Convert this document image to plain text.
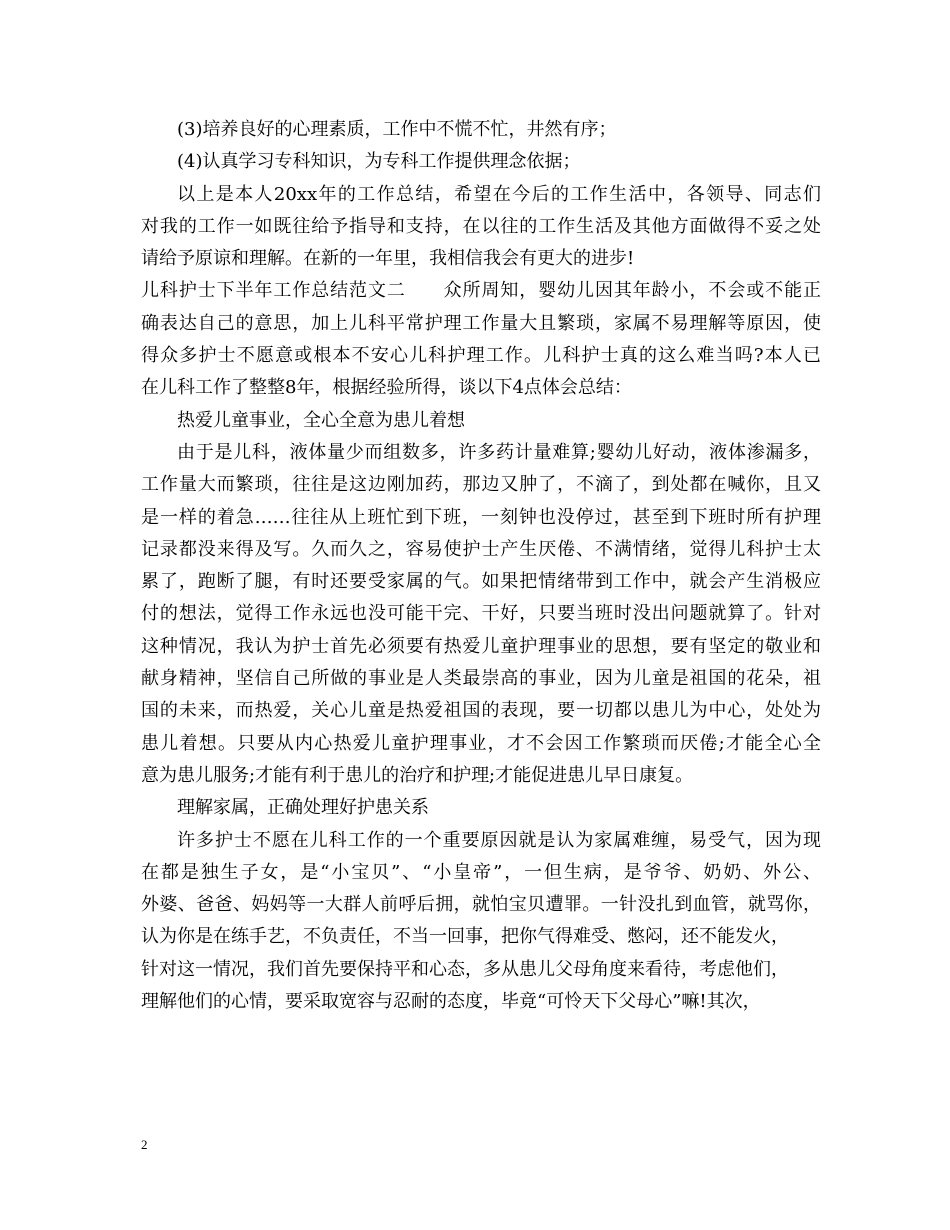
(3)培养良好的心理素质，工作中不慌不忙，井然有序；
(4)认真学习专科知识，为专科工作提供理念依据；
以上是本人20xx年的工作总结，希望在今后的工作生活中，各领导、同志们
对我的工作一如既往给予指导和支持，在以往的工作生活及其他方面做得不妥之处
请给予原谅和理解。在新的一年里，我相信我会有更大的进步!
儿科护士下半年工作总结范文二　　众所周知，婴幼儿因其年龄小，不会或不能正
确表达自己的意思，加上儿科平常护理工作量大且繁琐，家属不易理解等原因，使
得众多护士不愿意或根本不安心儿科护理工作。儿科护士真的这么难当吗?本人已
在儿科工作了整整8年，根据经验所得，谈以下4点体会总结：
热爱儿童事业，全心全意为患儿着想
由于是儿科，液体量少而组数多，许多药计量难算;婴幼儿好动，液体渗漏多，
工作量大而繁琐，往往是这边刚加药，那边又肿了，不滴了，到处都在喊你，且又
是一样的着急……往往从上班忙到下班，一刻钟也没停过，甚至到下班时所有护理
记录都没来得及写。久而久之，容易使护士产生厌倦、不满情绪，觉得儿科护士太
累了，跑断了腿，有时还要受家属的气。如果把情绪带到工作中，就会产生消极应
付的想法，觉得工作永远也没可能干完、干好，只要当班时没出问题就算了。针对
这种情况，我认为护士首先必须要有热爱儿童护理事业的思想，要有坚定的敬业和
献身精神，坚信自己所做的事业是人类最崇高的事业，因为儿童是祖国的花朵，祖
国的未来，而热爱，关心儿童是热爱祖国的表现，要一切都以患儿为中心，处处为
患儿着想。只要从内心热爱儿童护理事业，才不会因工作繁琐而厌倦;才能全心全
意为患儿服务;才能有利于患儿的治疗和护理;才能促进患儿早日康复。
理解家属，正确处理好护患关系
许多护士不愿在儿科工作的一个重要原因就是认为家属难缠，易受气，因为现
在都是独生子女，是“小宝贝”、“小皇帝”，一但生病，是爷爷、奶奶、外公、
外婆、爸爸、妈妈等一大群人前呼后拥，就怕宝贝遭罪。一针没扎到血管，就骂你，
认为你是在练手艺，不负责任，不当一回事，把你气得难受、憋闷，还不能发火，
针对这一情况，我们首先要保持平和心态，多从患儿父母角度来看待，考虑他们，
理解他们的心情，要采取宽容与忍耐的态度，毕竟“可怜天下父母心”嘛!其次，
2
